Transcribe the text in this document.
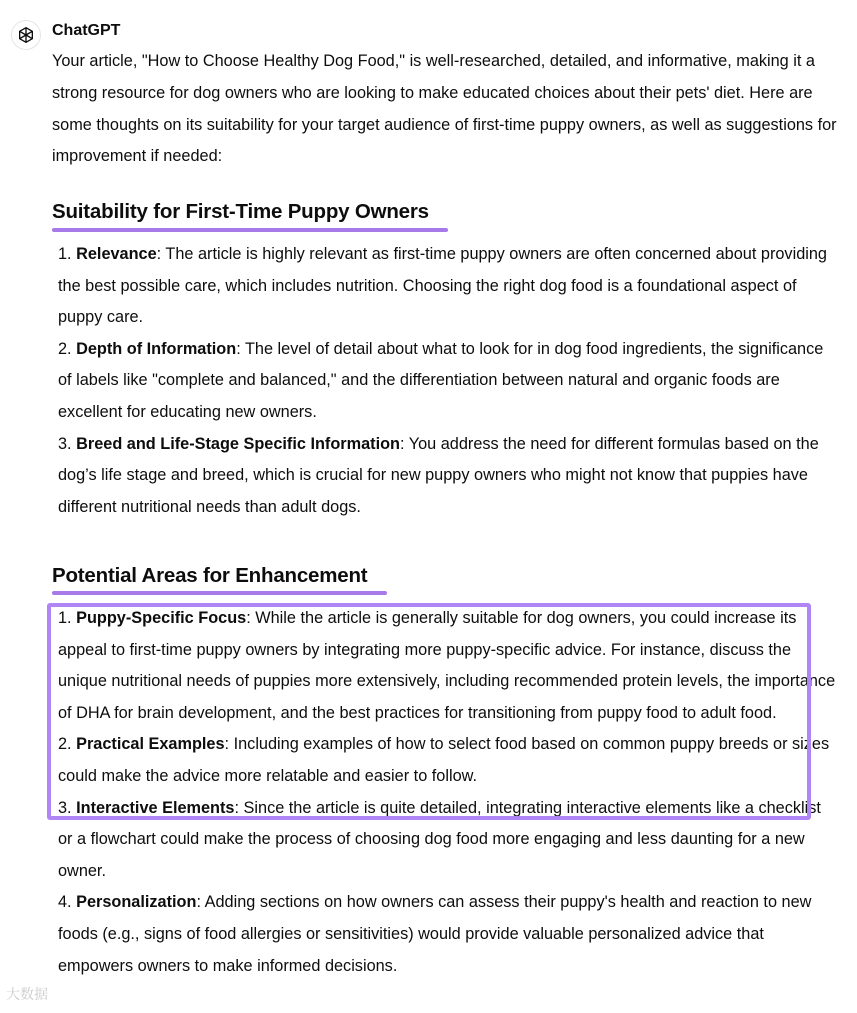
ChatGPT

Your article, "How to Choose Healthy Dog Food," is well-researched, detailed, and informative, making it a strong resource for dog owners who are looking to make educated choices about their pets' diet. Here are some thoughts on its suitability for your target audience of first-time puppy owners, as well as suggestions for improvement if needed:

Suitability for First-Time Puppy Owners
1. Relevance: The article is highly relevant as first-time puppy owners are often concerned about providing the best possible care, which includes nutrition. Choosing the right dog food is a foundational aspect of puppy care.
2. Depth of Information: The level of detail about what to look for in dog food ingredients, the significance of labels like "complete and balanced," and the differentiation between natural and organic foods are excellent for educating new owners.
3. Breed and Life-Stage Specific Information: You address the need for different formulas based on the dog’s life stage and breed, which is crucial for new puppy owners who might not know that puppies have different nutritional needs than adult dogs.
Potential Areas for Enhancement
1. Puppy-Specific Focus: While the article is generally suitable for dog owners, you could increase its appeal to first-time puppy owners by integrating more puppy-specific advice. For instance, discuss the unique nutritional needs of puppies more extensively, including recommended protein levels, the importance of DHA for brain development, and the best practices for transitioning from puppy food to adult food.
2. Practical Examples: Including examples of how to select food based on common puppy breeds or sizes could make the advice more relatable and easier to follow.
3. Interactive Elements: Since the article is quite detailed, integrating interactive elements like a checklist or a flowchart could make the process of choosing dog food more engaging and less daunting for a new owner.
4. Personalization: Adding sections on how owners can assess their puppy's health and reaction to new foods (e.g., signs of food allergies or sensitivities) would provide valuable personalized advice that empowers owners to make informed decisions.
大数据
